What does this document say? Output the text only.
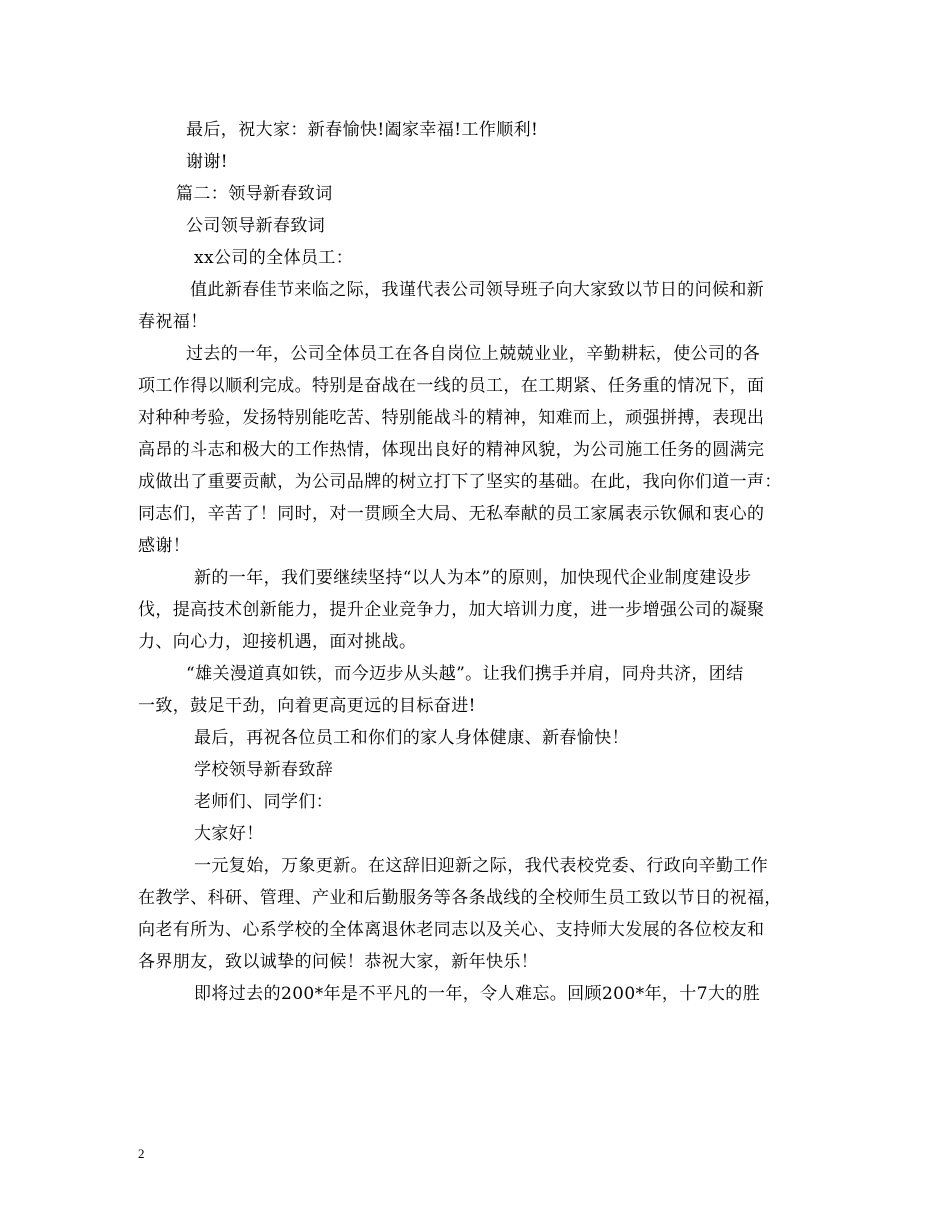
最后，祝大家：新春愉快!阖家幸福!工作顺利!
谢谢!
篇二：领导新春致词
公司领导新春致词
xx公司的全体员工：
值此新春佳节来临之际，我谨代表公司领导班子向大家致以节日的问候和新
春祝福！
过去的一年，公司全体员工在各自岗位上兢兢业业，辛勤耕耘，使公司的各
项工作得以顺利完成。特别是奋战在一线的员工，在工期紧、任务重的情况下，面
对种种考验，发扬特别能吃苦、特别能战斗的精神，知难而上，顽强拼搏，表现出
高昂的斗志和极大的工作热情，体现出良好的精神风貌，为公司施工任务的圆满完
成做出了重要贡献，为公司品牌的树立打下了坚实的基础。在此，我向你们道一声：
同志们，辛苦了！同时，对一贯顾全大局、无私奉献的员工家属表示钦佩和衷心的
感谢！
新的一年，我们要继续坚持“以人为本”的原则，加快现代企业制度建设步
伐，提高技术创新能力，提升企业竞争力，加大培训力度，进一步增强公司的凝聚
力、向心力，迎接机遇，面对挑战。
“雄关漫道真如铁，而今迈步从头越”。让我们携手并肩，同舟共济，团结
一致，鼓足干劲，向着更高更远的目标奋进!
最后，再祝各位员工和你们的家人身体健康、新春愉快！
学校领导新春致辞
老师们、同学们：
大家好！
一元复始，万象更新。在这辞旧迎新之际，我代表校党委、行政向辛勤工作
在教学、科研、管理、产业和后勤服务等各条战线的全校师生员工致以节日的祝福，
向老有所为、心系学校的全体离退休老同志以及关心、支持师大发展的各位校友和
各界朋友，致以诚挚的问候！恭祝大家，新年快乐！
即将过去的200*年是不平凡的一年，令人难忘。回顾200*年，十7大的胜
2
